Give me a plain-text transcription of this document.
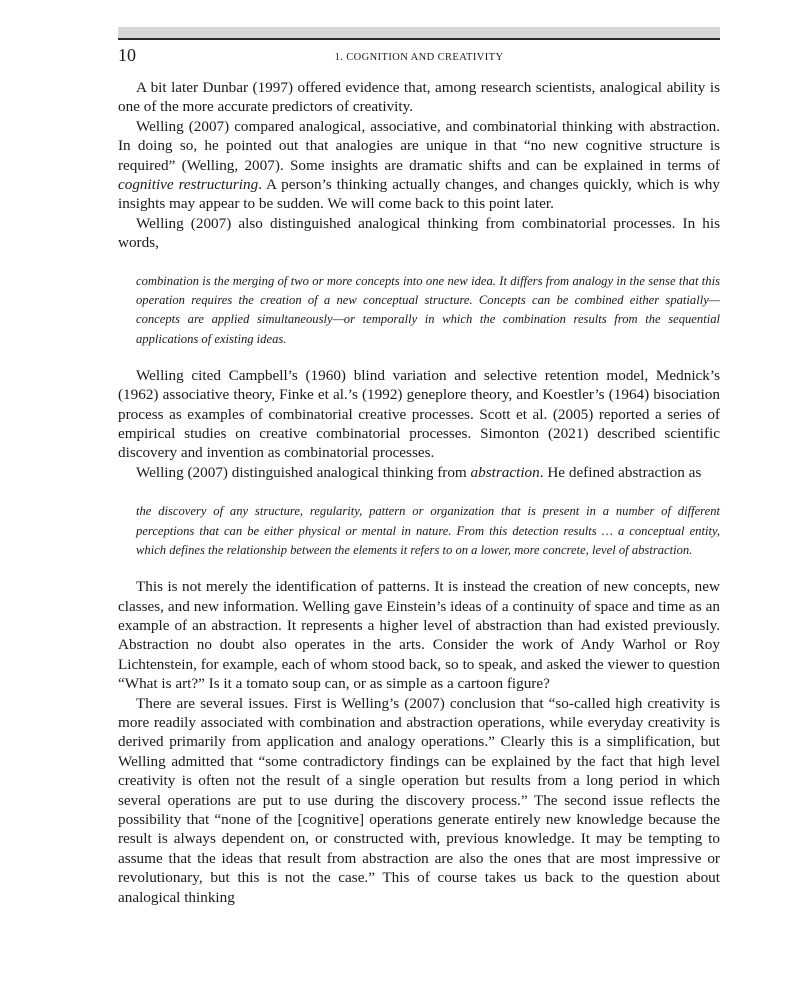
10	1. COGNITION AND CREATIVITY

A bit later Dunbar (1997) offered evidence that, among research scientists, analogical ability is one of the more accurate predictors of creativity.

Welling (2007) compared analogical, associative, and combinatorial thinking with abstraction. In doing so, he pointed out that analogies are unique in that “no new cognitive structure is required” (Welling, 2007). Some insights are dramatic shifts and can be explained in terms of cognitive restructuring. A person’s thinking actually changes, and changes quickly, which is why insights may appear to be sudden. We will come back to this point later.

Welling (2007) also distinguished analogical thinking from combinatorial processes. In his words,

combination is the merging of two or more concepts into one new idea. It differs from analogy in the sense that this operation requires the creation of a new conceptual structure. Concepts can be combined either spatially—concepts are applied simultaneously—or temporally in which the combination results from the sequential applications of existing ideas.

Welling cited Campbell’s (1960) blind variation and selective retention model, Mednick’s (1962) associative theory, Finke et al.’s (1992) geneplore theory, and Koestler’s (1964) bisociation process as examples of combinatorial creative processes. Scott et al. (2005) reported a series of empirical studies on creative combinatorial processes. Simonton (2021) described scientific discovery and invention as combinatorial processes.

Welling (2007) distinguished analogical thinking from abstraction. He defined abstraction as

the discovery of any structure, regularity, pattern or organization that is present in a number of different perceptions that can be either physical or mental in nature. From this detection results … a conceptual entity, which defines the relationship between the elements it refers to on a lower, more concrete, level of abstraction.

This is not merely the identification of patterns. It is instead the creation of new concepts, new classes, and new information. Welling gave Einstein’s ideas of a continuity of space and time as an example of an abstraction. It represents a higher level of abstraction than had existed previously. Abstraction no doubt also operates in the arts. Consider the work of Andy Warhol or Roy Lichtenstein, for example, each of whom stood back, so to speak, and asked the viewer to question “What is art?” Is it a tomato soup can, or as simple as a cartoon figure?

There are several issues. First is Welling’s (2007) conclusion that “so-called high creativity is more readily associated with combination and abstraction operations, while everyday creativity is derived primarily from application and analogy operations.” Clearly this is a simplification, but Welling admitted that “some contradictory findings can be explained by the fact that high level creativity is often not the result of a single operation but results from a long period in which several operations are put to use during the discovery process.” The second issue reflects the possibility that “none of the [cognitive] operations generate entirely new knowledge because the result is always dependent on, or constructed with, previous knowledge. It may be tempting to assume that the ideas that result from abstraction are also the ones that are most impressive or revolutionary, but this is not the case.” This of course takes us back to the question about analogical thinking
